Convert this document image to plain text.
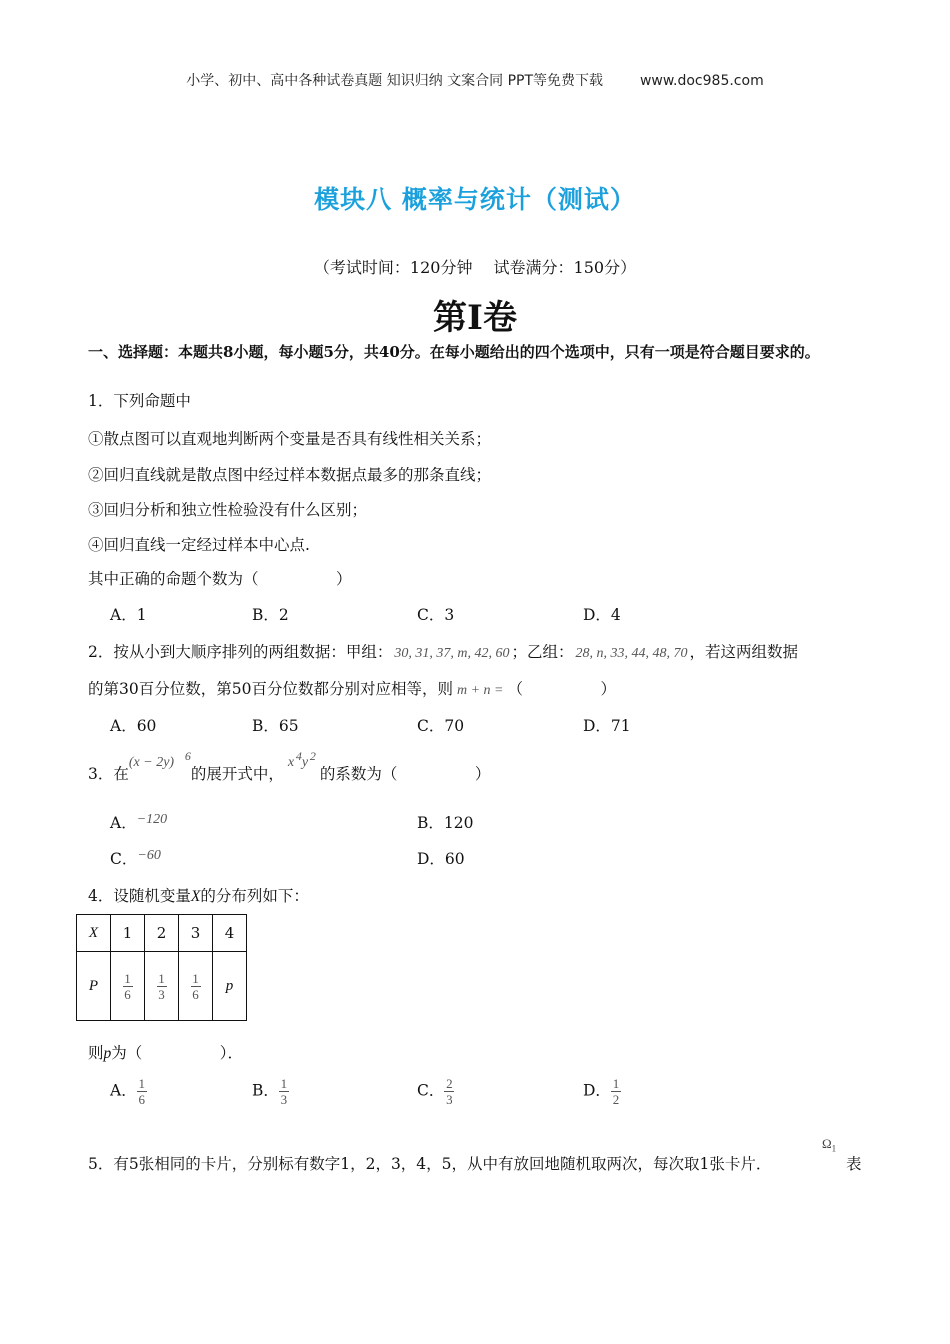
小学、初中、高中各种试卷真题 知识归纳 文案合同 PPT等免费下载	www.doc985.com
模块八 概率与统计（测试）
（考试时间：120分钟　 试卷满分：150分）
第Ⅰ卷
一、选择题：本题共8小题，每小题5分，共40分。在每小题给出的四个选项中，只有一项是符合题目要求的。
1．下列命题中
①散点图可以直观地判断两个变量是否具有线性相关关系；
②回归直线就是散点图中经过样本数据点最多的那条直线；
③回归分析和独立性检验没有什么区别；
④回归直线一定经过样本中心点.
其中正确的命题个数为（　　　　　）
A．1	B．2	C．3	D．4
2．按从小到大顺序排列的两组数据：甲组： 30, 31, 37, m, 42, 60 ；乙组： 28, n, 33, 44, 48, 70 ，若这两组数据
的第30百分位数，第50百分位数都分别对应相等，则 m + n = （　　　　　）
A．60	B．65	C．70	D．71
3．在
(x − 2y) 6
的展开式中，
x 4 y 2
的系数为（　　　　　）
A．−120	B．120
C．−60	D．60
4．设随机变量X的分布列如下：
X	1	2	3	4
P	$\frac{1}{6}$	$\frac{1}{3}$	$\frac{1}{6}$	p
则p为（　　　　　）．
A． $\frac{1}{6}$	B． $\frac{1}{3}$	C． $\frac{2}{3}$	D． $\frac{1}{2}$
5．有5张相同的卡片，分别标有数字1，2，3，4，5，从中有放回地随机取两次，每次取1张卡片．
$\Omega_1$
表
